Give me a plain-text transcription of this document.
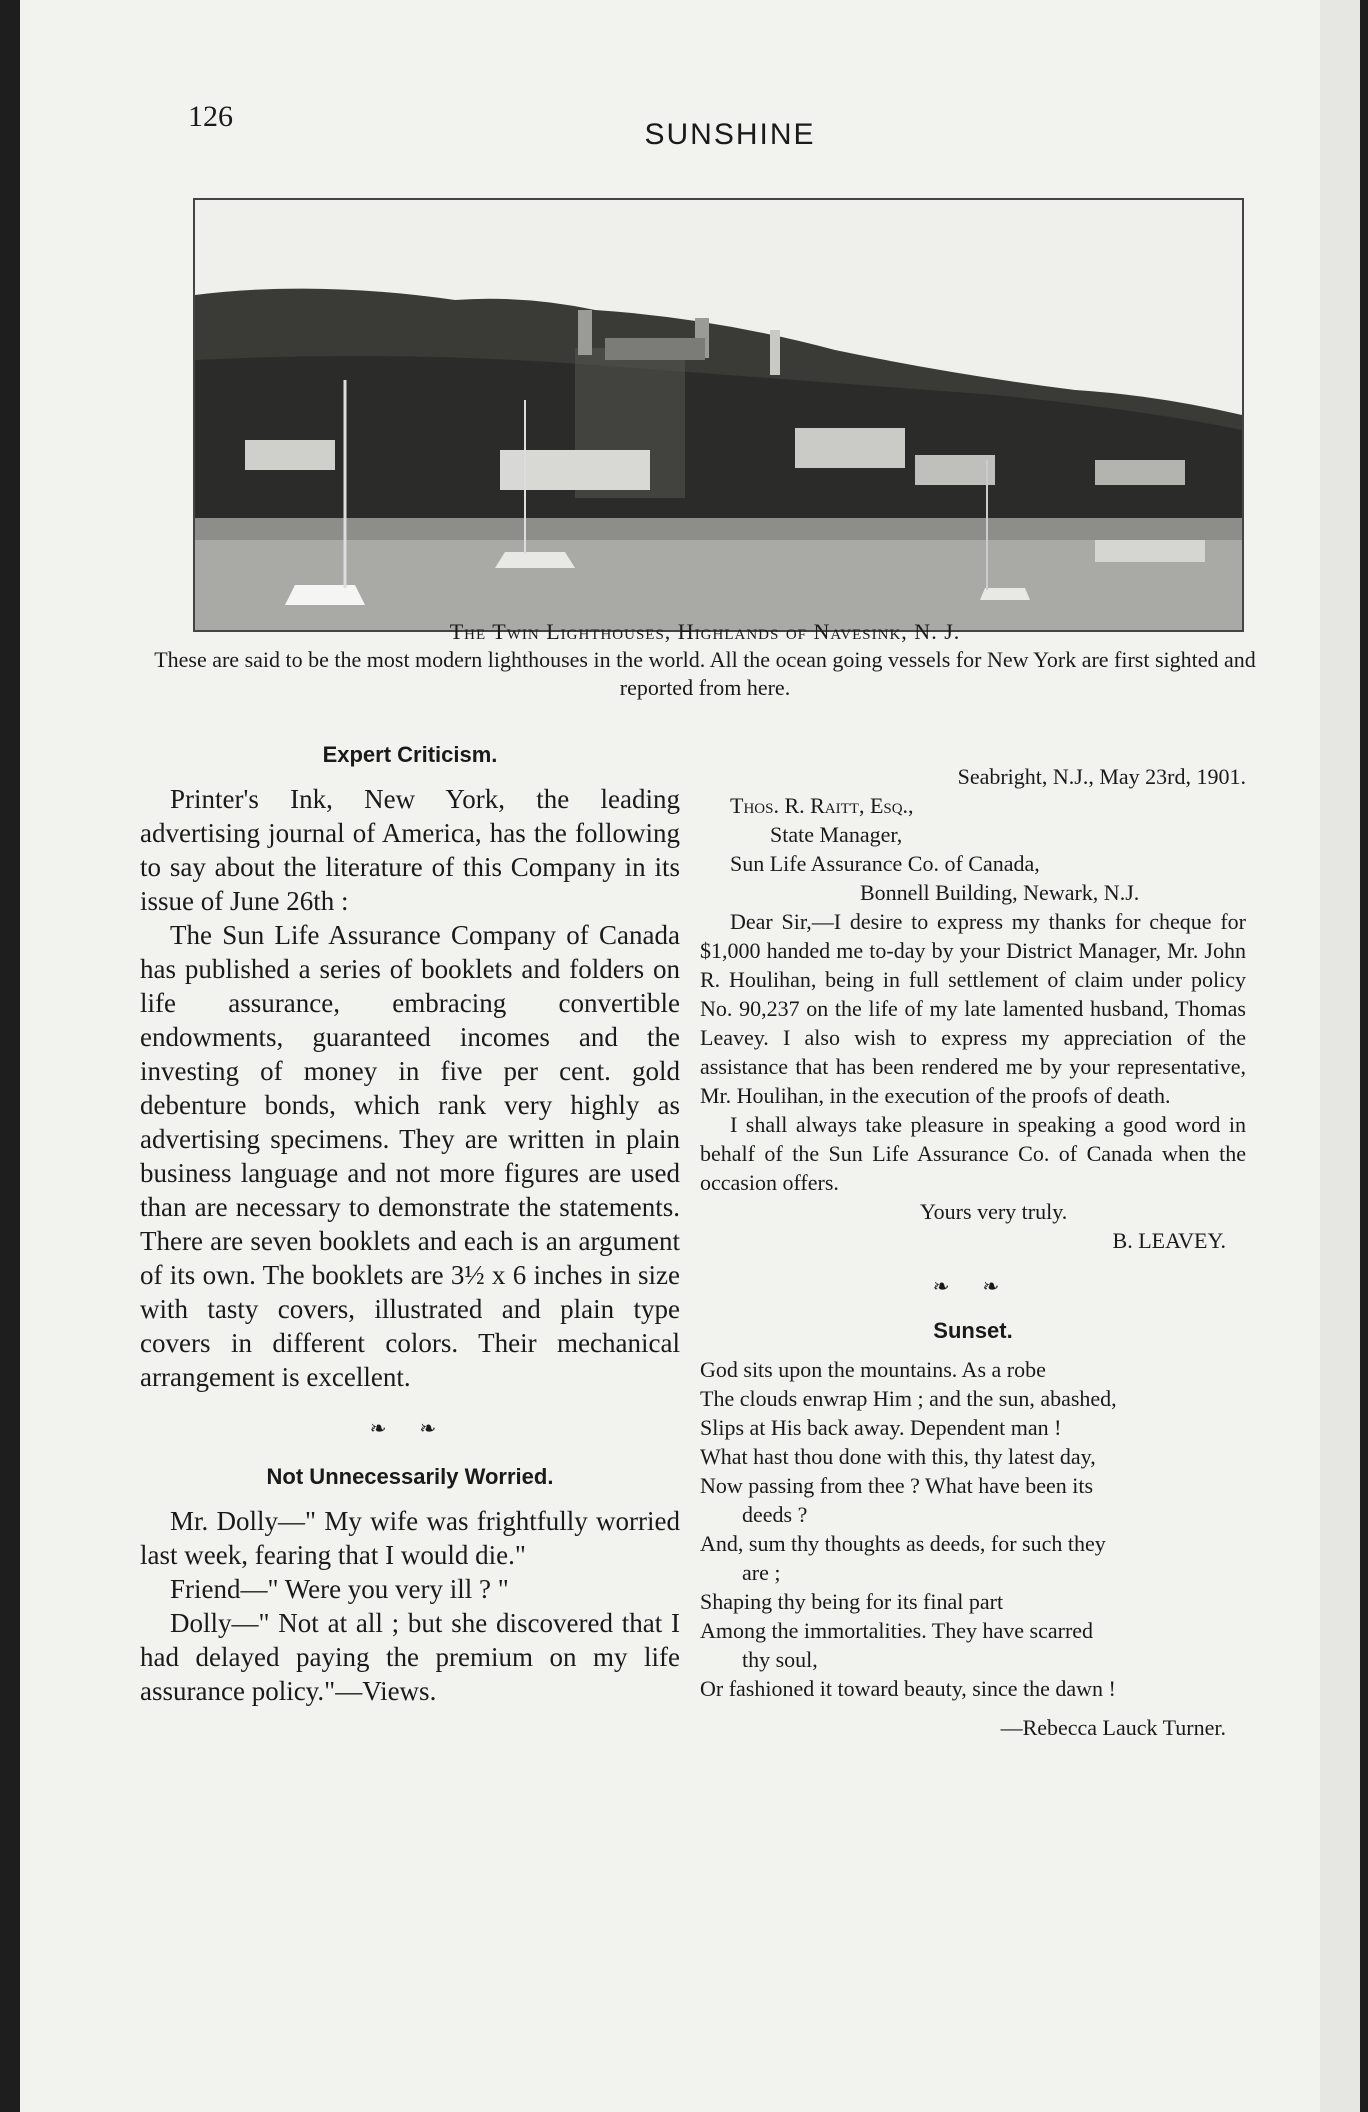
126
SUNSHINE
The Twin Lighthouses, Highlands of Navesink, N. J.
These are said to be the most modern lighthouses in the world. All the ocean going vessels for New York are first sighted and reported from here.
Expert Criticism.

Printer's Ink, New York, the leading advertising journal of America, has the following to say about the literature of this Company in its issue of June 26th :

The Sun Life Assurance Company of Canada has published a series of booklets and folders on life assurance, embracing convertible endowments, guaranteed incomes and the investing of money in five per cent. gold debenture bonds, which rank very highly as advertising specimens. They are written in plain business language and not more figures are used than are necessary to demonstrate the statements. There are seven booklets and each is an argument of its own. The booklets are 3½ x 6 inches in size with tasty covers, illustrated and plain type covers in different colors. Their mechanical arrangement is excellent.

❧ ❧
Not Unnecessarily Worried.

Mr. Dolly—" My wife was frightfully worried last week, fearing that I would die."

Friend—" Were you very ill ? "

Dolly—" Not at all ; but she discovered that I had delayed paying the premium on my life assurance policy."—Views.

Seabright, N.J., May 23rd, 1901.
Thos. R. Raitt, Esq.,
State Manager,
Sun Life Assurance Co. of Canada,
Bonnell Building, Newark, N.J.

Dear Sir,—I desire to express my thanks for cheque for $1,000 handed me to-day by your District Manager, Mr. John R. Houlihan, being in full settlement of claim under policy No. 90,237 on the life of my late lamented husband, Thomas Leavey. I also wish to express my appreciation of the assistance that has been rendered me by your representative, Mr. Houlihan, in the execution of the proofs of death.

I shall always take pleasure in speaking a good word in behalf of the Sun Life Assurance Co. of Canada when the occasion offers.

Yours very truly.
B. LEAVEY.
❧ ❧
Sunset.
God sits upon the mountains. As a robe
The clouds enwrap Him ; and the sun, abashed,
Slips at His back away. Dependent man !
What hast thou done with this, thy latest day,
Now passing from thee ? What have been its
deeds ?
And, sum thy thoughts as deeds, for such they
are ;
Shaping thy being for its final part
Among the immortalities. They have scarred
thy soul,
Or fashioned it toward beauty, since the dawn !
—Rebecca Lauck Turner.
